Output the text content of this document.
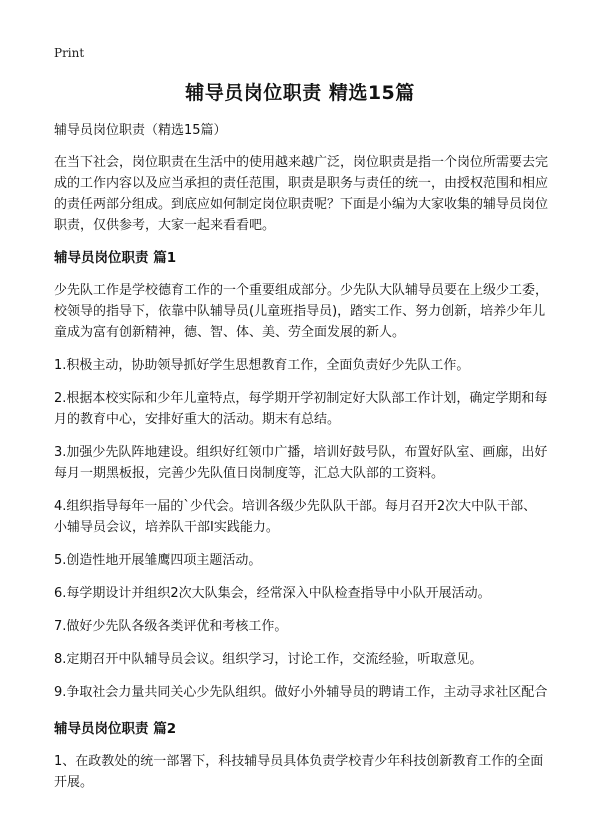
Print
辅导员岗位职责 精选15篇

辅导员岗位职责（精选15篇）

在当下社会，岗位职责在生活中的使用越来越广泛，岗位职责是指一个岗位所需要去完成的工作内容以及应当承担的责任范围，职责是职务与责任的统一，由授权范围和相应的责任两部分组成。到底应如何制定岗位职责呢？下面是小编为大家收集的辅导员岗位职责，仅供参考，大家一起来看看吧。

辅导员岗位职责 篇1

少先队工作是学校德育工作的一个重要组成部分。少先队大队辅导员要在上级少工委，校领导的指导下，依靠中队辅导员(儿童班指导员)，踏实工作、努力创新，培养少年儿童成为富有创新精神，德、智、体、美、劳全面发展的新人。

1.积极主动，协助领导抓好学生思想教育工作，全面负责好少先队工作。

2.根据本校实际和少年儿童特点，每学期开学初制定好大队部工作计划，确定学期和每月的教育中心，安排好重大的活动。期末有总结。

3.加强少先队阵地建设。组织好红领巾广播，培训好鼓号队，布置好队室、画廊，出好每月一期黑板报，完善少先队值日岗制度等，汇总大队部的工资料。

4.组织指导每年一届的`少代会。培训各级少先队队干部。每月召开2次大中队干部、小辅导员会议，培养队干部I实践能力。

5.创造性地开展雏鹰四项主题活动。

6.每学期设计并组织2次大队集会，经常深入中队检查指导中小队开展活动。

7.做好少先队各级各类评优和考核工作。

8.定期召开中队辅导员会议。组织学习，讨论工作，交流经验，听取意见。

9.争取社会力量共同关心少先队组织。做好小外辅导员的聘请工作，主动寻求社区配合

辅导员岗位职责 篇2

1、在政教处的统一部署下，科技辅导员具体负责学校青少年科技创新教育工作的全面开展。
